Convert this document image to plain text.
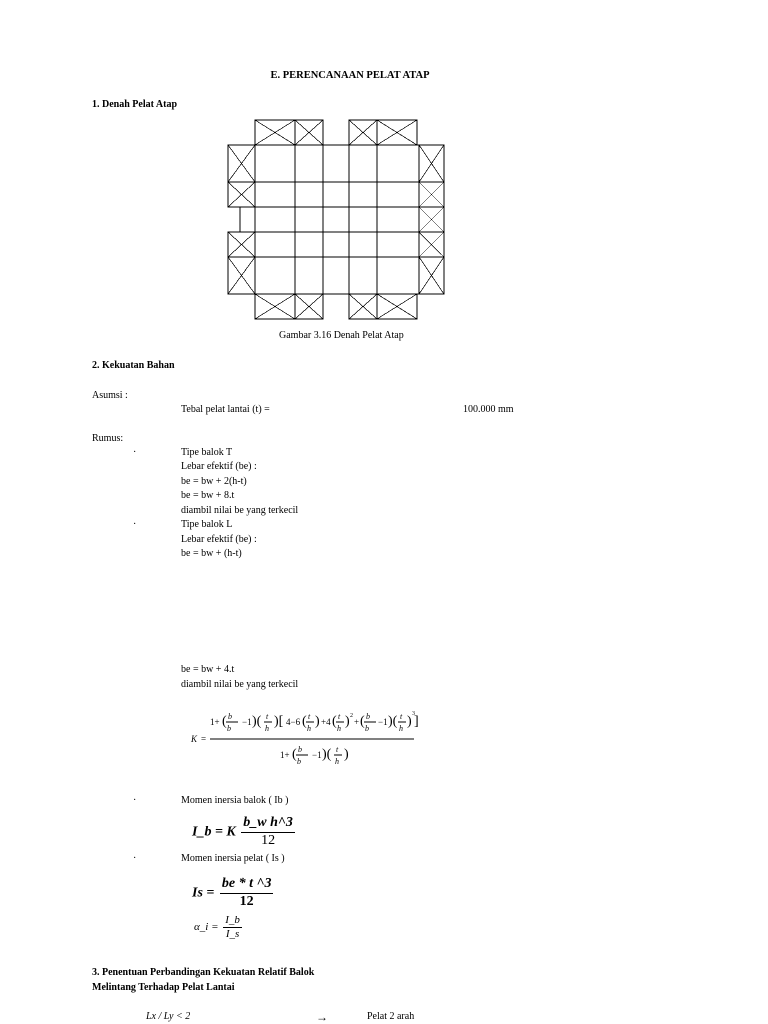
E. PERENCANAAN PELAT ATAP
1. Denah Pelat Atap
Gambar 3.16 Denah Pelat Atap
2. Kekuatan Bahan
Asumsi :
Tebal pelat lantai (t) =	100.000 mm
Rumus:
·	Tipe balok T
Lebar efektif (be) :
be = bw + 2(h-t)
be = bw + 8.t
diambil nilai be yang terkecil
·	Tipe balok L
Lebar efektif (be) :
be = bw + (h-t)
be = bw + 4.t
diambil nilai be yang terkecil
K =
1+ ( b
b
−1 )( t
h )[ 4−6 ( t
h ) +4 ( t
h ) 2
+ ( b
b
−1 )( t
h ) 3 ]
1+ ( b
b
−1 )( t
h )
·	Momen inersia balok ( Ib )
I_b = K $\frac{\text{b\_w h\textasciicircum{}3}}{12}$
·	Momen inersia pelat ( Is )
$Is = \frac{be * t \^{}3}{12}$
α_i = $\frac{I\_b}{I\_s}$
3. Penentuan Perbandingan Kekuatan Relatif Balok
Melintang Terhadap Pelat Lantai
Lx / Ly < 2	→	Pelat 2 arah
